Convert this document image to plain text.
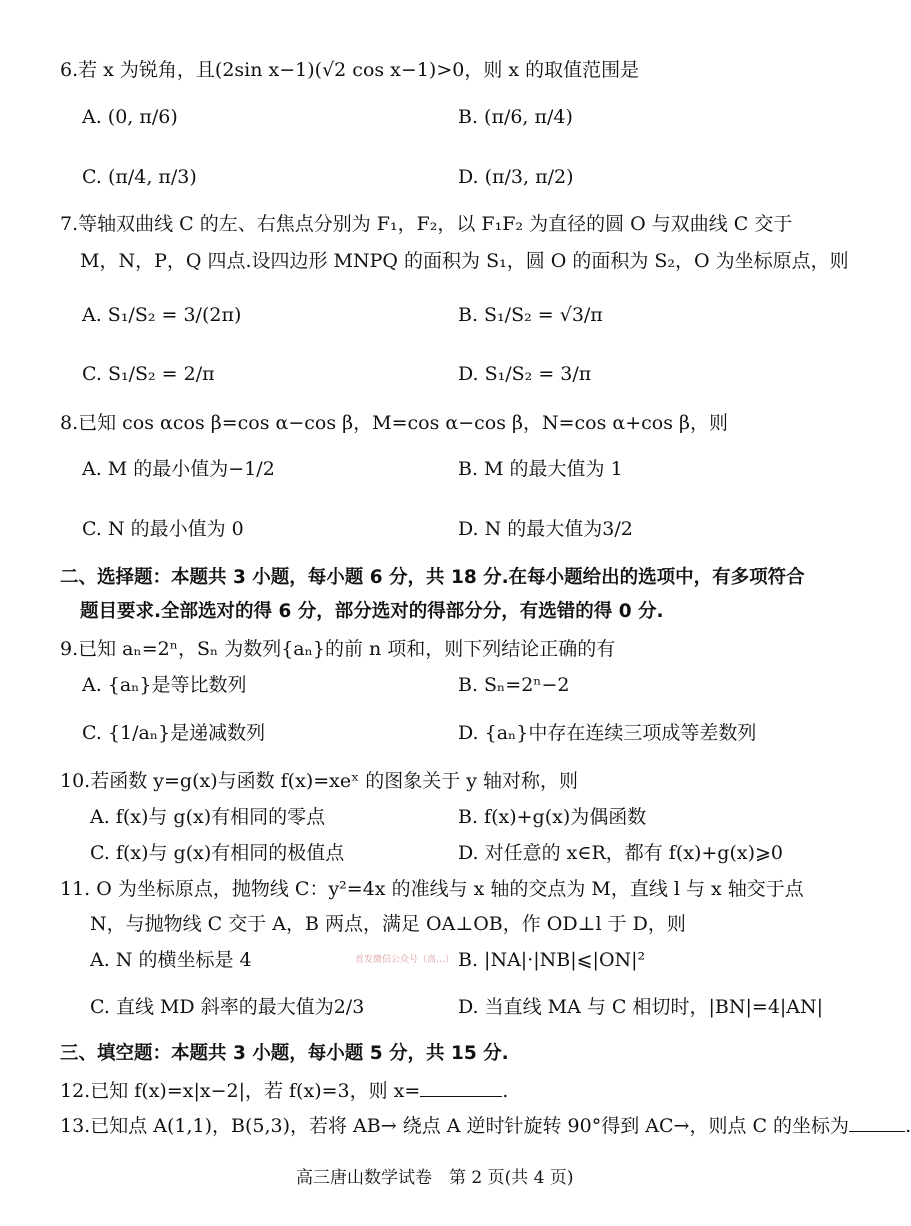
6.若 x 为锐角，且(2sin x−1)(√2 cos x−1)>0，则 x 的取值范围是
A. (0, π/6)	B. (π/6, π/4)
C. (π/4, π/3)	D. (π/3, π/2)
7.等轴双曲线 C 的左、右焦点分别为 F₁，F₂，以 F₁F₂ 为直径的圆 O 与双曲线 C 交于
M，N，P，Q 四点.设四边形 MNPQ 的面积为 S₁，圆 O 的面积为 S₂，O 为坐标原点，则
A. S₁/S₂ = 3/(2π)	B. S₁/S₂ = √3/π
C. S₁/S₂ = 2/π	D. S₁/S₂ = 3/π
8.已知 cos αcos β=cos α−cos β，M=cos α−cos β，N=cos α+cos β，则
A. M 的最小值为−1/2	B. M 的最大值为 1
C. N 的最小值为 0	D. N 的最大值为3/2
二、选择题：本题共 3 小题，每小题 6 分，共 18 分.在每小题给出的选项中，有多项符合
题目要求.全部选对的得 6 分，部分选对的得部分分，有选错的得 0 分.
9.已知 aₙ=2ⁿ，Sₙ 为数列{aₙ}的前 n 项和，则下列结论正确的有
A. {aₙ}是等比数列	B. Sₙ=2ⁿ−2
C. {1/aₙ}是递减数列	D. {aₙ}中存在连续三项成等差数列
10.若函数 y=g(x)与函数 f(x)=xeˣ 的图象关于 y 轴对称，则
A. f(x)与 g(x)有相同的零点	B. f(x)+g(x)为偶函数
C. f(x)与 g(x)有相同的极值点	D. 对任意的 x∈R，都有 f(x)+g(x)⩾0
11. O 为坐标原点，抛物线 C：y²=4x 的准线与 x 轴的交点为 M，直线 l 与 x 轴交于点
N，与抛物线 C 交于 A，B 两点，满足 OA⊥OB，作 OD⊥l 于 D，则
A. N 的横坐标是 4	首发微信公众号（高…） B. |NA|·|NB|⩽|ON|²
C. 直线 MD 斜率的最大值为2/3	D. 当直线 MA 与 C 相切时，|BN|=4|AN|
三、填空题：本题共 3 小题，每小题 5 分，共 15 分.
12.已知 f(x)=x|x−2|，若 f(x)=3，则 x=	.
13.已知点 A(1,1)，B(5,3)，若将 AB→ 绕点 A 逆时针旋转 90°得到 AC→，则点 C 的坐标为	.
高三唐山数学试卷　第 2 页(共 4 页)
